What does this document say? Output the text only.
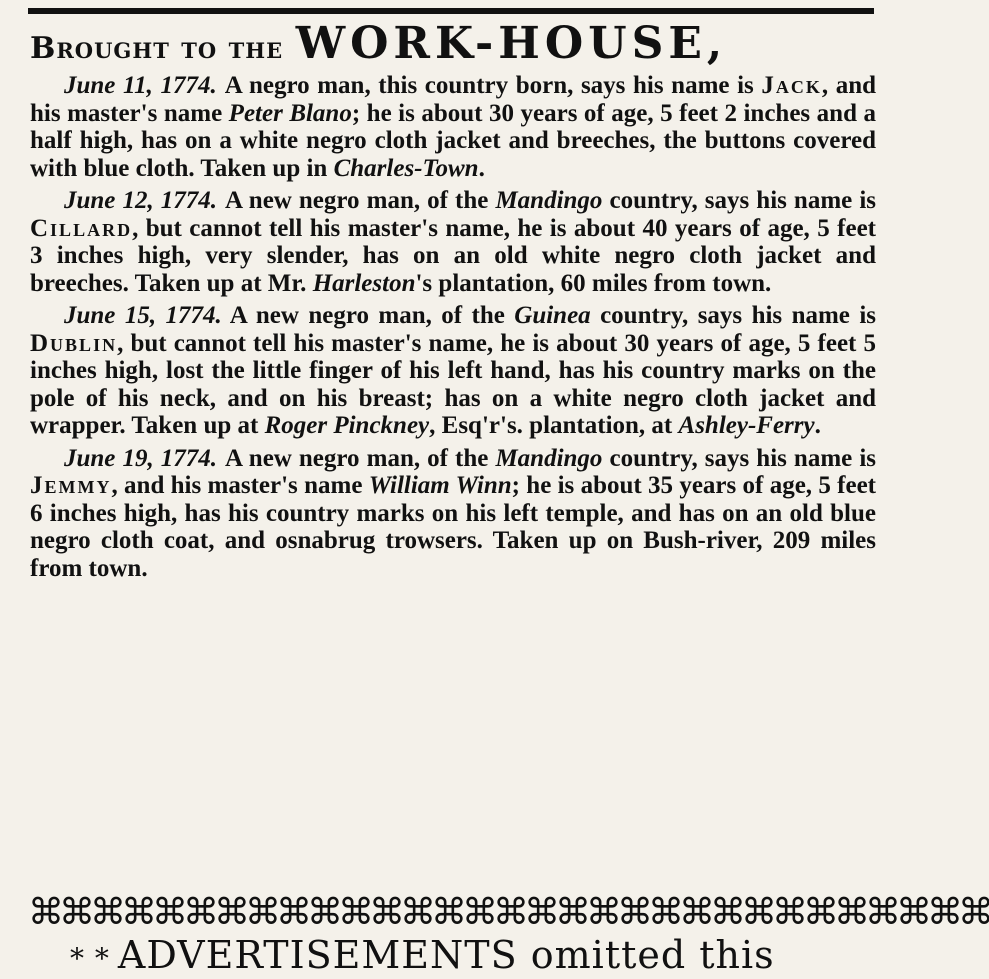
Brought to the WORK-HOUSE,

June 11, 1774. A negro man, this country born, says his name is Jack, and his master's name Peter Blano; he is about 30 years of age, 5 feet 2 inches and a half high, has on a white negro cloth jacket and breeches, the buttons covered with blue cloth. Taken up in Charles-Town.

June 12, 1774. A new negro man, of the Mandingo country, says his name is Cillard, but cannot tell his master's name, he is about 40 years of age, 5 feet 3 inches high, very slender, has on an old white negro cloth jacket and breeches. Taken up at Mr. Harleston's plantation, 60 miles from town.

June 15, 1774. A new negro man, of the Guinea country, says his name is Dublin, but cannot tell his master's name, he is about 30 years of age, 5 feet 5 inches high, lost the little finger of his left hand, has his country marks on the pole of his neck, and on his breast; has on a white negro cloth jacket and wrapper. Taken up at Roger Pinckney, Esq'r's. plantation, at Ashley-Ferry.

June 19, 1774. A new negro man, of the Mandingo country, says his name is Jemmy, and his master's name William Winn; he is about 35 years of age, 5 feet 6 inches high, has his country marks on his left temple, and has on an old blue negro cloth coat, and osnabrug trowsers. Taken up on Bush-river, 209 miles from town.

⌘⌘⌘⌘⌘⌘⌘⌘⌘⌘⌘⌘⌘⌘⌘⌘⌘⌘⌘⌘⌘⌘⌘⌘⌘⌘⌘⌘⌘⌘⌘
* * ADVERTISEMENTS omitted this
